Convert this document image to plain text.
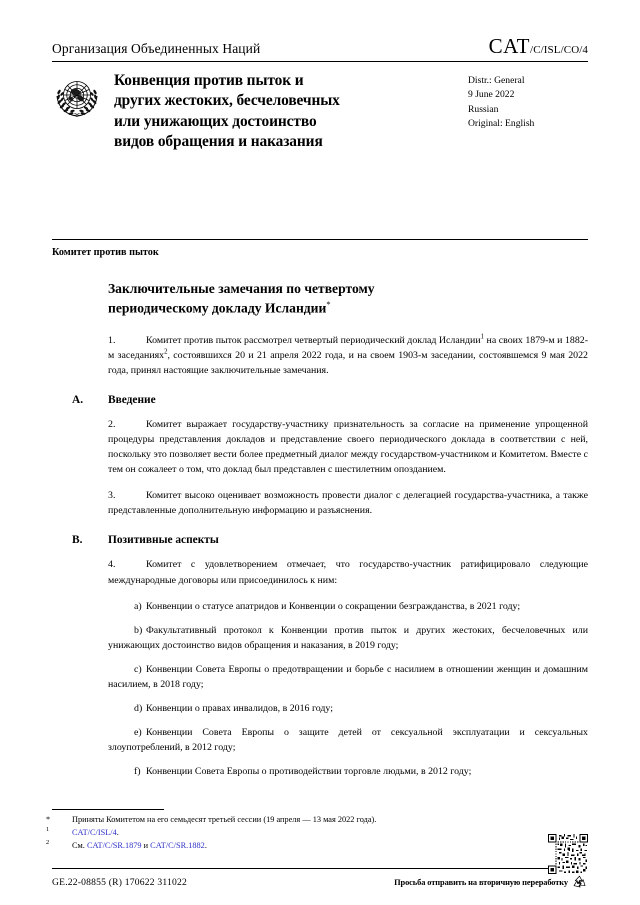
Организация Объединенных Наций	CAT/C/ISL/CO/4
Конвенция против пыток и
других жестоких, бесчеловечных
или унижающих достоинство
видов обращения и наказания
Distr.: General
9 June 2022
Russian
Original: English
Комитет против пыток
Заключительные замечания по четвертому
периодическому докладу Исландии*

1.	Комитет против пыток рассмотрел четвертый периодический доклад Исландии$^1$ на своих 1879-м и 1882-м заседаниях$^2$, состоявшихся 20 и 21 апреля 2022 года, и на своем 1903-м заседании, состоявшемся 9 мая 2022 года, принял настоящие заключительные замечания.

A.	Введение

2.	Комитет выражает государству-участнику признательность за согласие на применение упрощенной процедуры представления докладов и представление своего периодического доклада в соответствии с ней, поскольку это позволяет вести более предметный диалог между государством-участником и Комитетом. Вместе с тем он сожалеет о том, что доклад был представлен с шестилетним опозданием.

3.	Комитет высоко оценивает возможность провести диалог с делегацией государства-участника, а также представленные дополнительную информацию и разъяснения.

B.	Позитивные аспекты

4.	Комитет с удовлетворением отмечает, что государство-участник ратифицировало следующие международные договоры или присоединилось к ним:

a) Конвенции о статусе апатридов и Конвенции о сокращении безгражданства, в 2021 году;

b) Факультативный протокол к Конвенции против пыток и других жестоких, бесчеловечных или унижающих достоинство видов обращения и наказания, в 2019 году;

c) Конвенции Совета Европы о предотвращении и борьбе с насилием в отношении женщин и домашним насилием, в 2018 году;

d) Конвенции о правах инвалидов, в 2016 году;

e) Конвенции Совета Европы о защите детей от сексуальной эксплуатации и сексуальных злоупотреблений, в 2012 году;

f) Конвенции Совета Европы о противодействии торговле людьми, в 2012 году;

*	Приняты Комитетом на его семьдесят третьей сессии (19 апреля — 13 мая 2022 года).

$^1$	CAT/C/ISL/4.

$^2$	См. CAT/C/SR.1879 и CAT/C/SR.1882.

GE.22-08855 (R) 170622 311022	Просьба отправить на вторичную переработку
